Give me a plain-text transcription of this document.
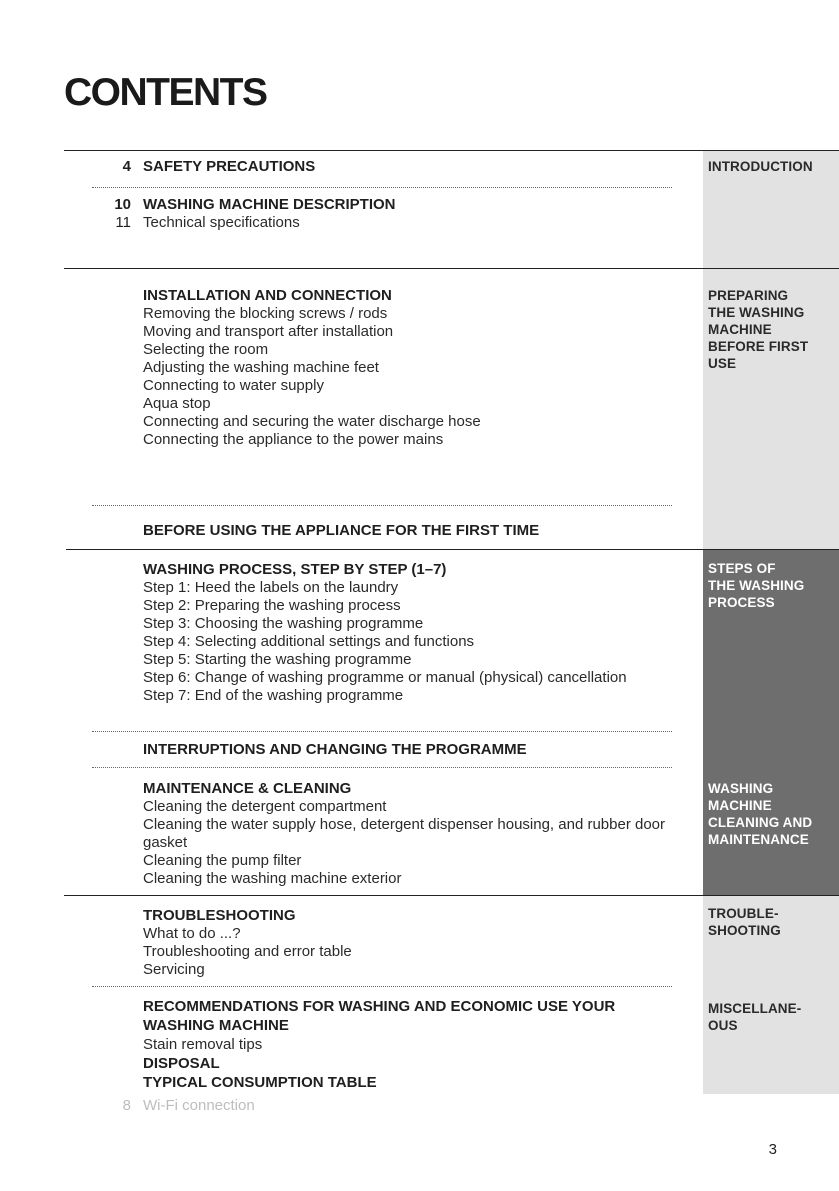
CONTENTS
INTRODUCTION
PREPARING
THE WASHING
MACHINE
BEFORE FIRST
USE
STEPS OF
THE WASHING
PROCESS
WASHING
MACHINE
CLEANING AND
MAINTENANCE
TROUBLE-
SHOOTING
MISCELLANE-
OUS
4 SAFETY PRECAUTIONS
10 WASHING MACHINE DESCRIPTION
11 Technical specifications
INSTALLATION AND CONNECTION
Removing the blocking screws / rods
Moving and transport after installation
Selecting the room
Adjusting the washing machine feet
Connecting to water supply
Aqua stop
Connecting and securing the water discharge hose
Connecting the appliance to the power mains
BEFORE USING THE APPLIANCE FOR THE FIRST TIME
WASHING PROCESS, STEP BY STEP (1–7)
Step 1: Heed the labels on the laundry
Step 2: Preparing the washing process
Step 3: Choosing the washing programme
Step 4: Selecting additional settings and functions
Step 5: Starting the washing programme
Step 6: Change of washing programme or manual (physical) cancellation
Step 7: End of the washing programme
INTERRUPTIONS AND CHANGING THE PROGRAMME
MAINTENANCE & CLEANING
Cleaning the detergent compartment
Cleaning the water supply hose, detergent dispenser housing, and rubber door gasket
Cleaning the pump filter
Cleaning the washing machine exterior
TROUBLESHOOTING
What to do ...?
Troubleshooting and error table
Servicing
RECOMMENDATIONS FOR WASHING AND ECONOMIC USE YOUR
WASHING MACHINE
Stain removal tips
DISPOSAL
TYPICAL CONSUMPTION TABLE
8 Wi-Fi connection
3
